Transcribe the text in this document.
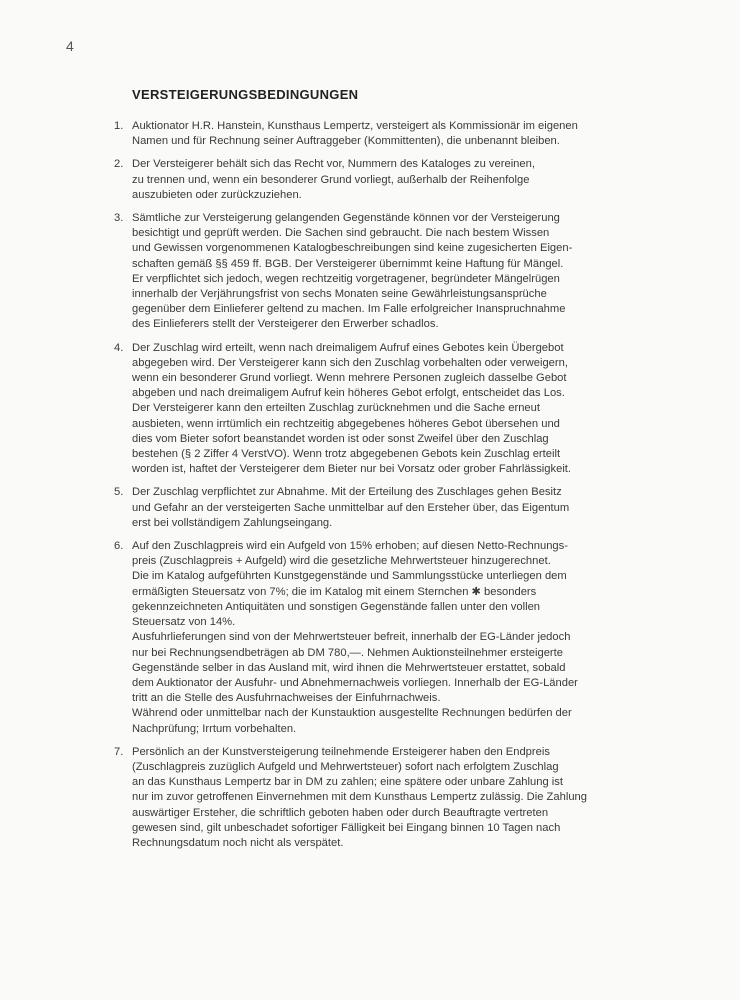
4
VERSTEIGERUNGSBEDINGUNGEN
1. Auktionator H.R. Hanstein, Kunsthaus Lempertz, versteigert als Kommissionär im eigenen
Namen und für Rechnung seiner Auftraggeber (Kommittenten), die unbenannt bleiben.
2. Der Versteigerer behält sich das Recht vor, Nummern des Kataloges zu vereinen,
zu trennen und, wenn ein besonderer Grund vorliegt, außerhalb der Reihenfolge
auszubieten oder zurückzuziehen.
3. Sämtliche zur Versteigerung gelangenden Gegenstände können vor der Versteigerung
besichtigt und geprüft werden. Die Sachen sind gebraucht. Die nach bestem Wissen
und Gewissen vorgenommenen Katalogbeschreibungen sind keine zugesicherten Eigen-
schaften gemäß §§ 459 ff. BGB. Der Versteigerer übernimmt keine Haftung für Mängel.
Er verpflichtet sich jedoch, wegen rechtzeitig vorgetragener, begründeter Mängelrügen
innerhalb der Verjährungsfrist von sechs Monaten seine Gewährleistungsansprüche
gegenüber dem Einlieferer geltend zu machen. Im Falle erfolgreicher Inanspruchnahme
des Einlieferers stellt der Versteigerer den Erwerber schadlos.
4. Der Zuschlag wird erteilt, wenn nach dreimaligem Aufruf eines Gebotes kein Übergebot
abgegeben wird. Der Versteigerer kann sich den Zuschlag vorbehalten oder verweigern,
wenn ein besonderer Grund vorliegt. Wenn mehrere Personen zugleich dasselbe Gebot
abgeben und nach dreimaligem Aufruf kein höheres Gebot erfolgt, entscheidet das Los.
Der Versteigerer kann den erteilten Zuschlag zurücknehmen und die Sache erneut
ausbieten, wenn irrtümlich ein rechtzeitig abgegebenes höheres Gebot übersehen und
dies vom Bieter sofort beanstandet worden ist oder sonst Zweifel über den Zuschlag
bestehen (§ 2 Ziffer 4 VerstVO). Wenn trotz abgegebenen Gebots kein Zuschlag erteilt
worden ist, haftet der Versteigerer dem Bieter nur bei Vorsatz oder grober Fahrlässigkeit.
5. Der Zuschlag verpflichtet zur Abnahme. Mit der Erteilung des Zuschlages gehen Besitz
und Gefahr an der versteigerten Sache unmittelbar auf den Ersteher über, das Eigentum
erst bei vollständigem Zahlungseingang.
6. Auf den Zuschlagpreis wird ein Aufgeld von 15% erhoben; auf diesen Netto-Rechnungs-
preis (Zuschlagpreis + Aufgeld) wird die gesetzliche Mehrwertsteuer hinzugerechnet.
Die im Katalog aufgeführten Kunstgegenstände und Sammlungsstücke unterliegen dem
ermäßigten Steuersatz von 7%; die im Katalog mit einem Sternchen ✱ besonders
gekennzeichneten Antiquitäten und sonstigen Gegenstände fallen unter den vollen
Steuersatz von 14%.
Ausfuhrlieferungen sind von der Mehrwertsteuer befreit, innerhalb der EG-Länder jedoch
nur bei Rechnungsendbeträgen ab DM 780,—. Nehmen Auktionsteilnehmer ersteigerte
Gegenstände selber in das Ausland mit, wird ihnen die Mehrwertsteuer erstattet, sobald
dem Auktionator der Ausfuhr- und Abnehmernachweis vorliegen. Innerhalb der EG-Länder
tritt an die Stelle des Ausfuhrnachweises der Einfuhrnachweis.
Während oder unmittelbar nach der Kunstauktion ausgestellte Rechnungen bedürfen der
Nachprüfung; Irrtum vorbehalten.
7. Persönlich an der Kunstversteigerung teilnehmende Ersteigerer haben den Endpreis
(Zuschlagpreis zuzüglich Aufgeld und Mehrwertsteuer) sofort nach erfolgtem Zuschlag
an das Kunsthaus Lempertz bar in DM zu zahlen; eine spätere oder unbare Zahlung ist
nur im zuvor getroffenen Einvernehmen mit dem Kunsthaus Lempertz zulässig. Die Zahlung
auswärtiger Ersteher, die schriftlich geboten haben oder durch Beauftragte vertreten
gewesen sind, gilt unbeschadet sofortiger Fälligkeit bei Eingang binnen 10 Tagen nach
Rechnungsdatum noch nicht als verspätet.
